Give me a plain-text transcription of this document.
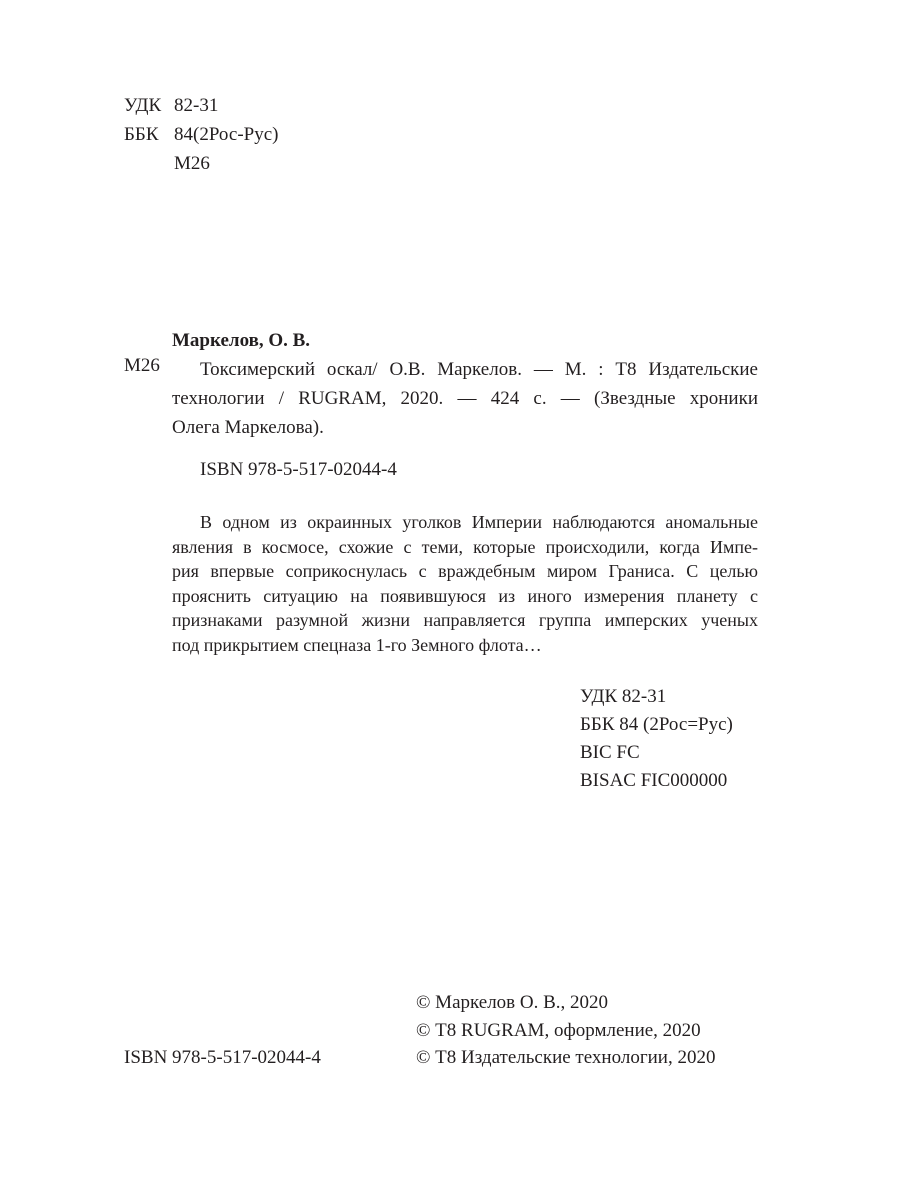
УДК 82-31
ББК 84(2Рос-Рус)
М26
Маркелов, О. В.
М26	Токсимерский оскал/ О.В. Маркелов. — М. : Т8 Издательские
технологии / RUGRAM, 2020. — 424 с. — (Звездные хроники
Олега Маркелова).
ISBN 978-5-517-02044-4
В одном из окраинных уголков Империи наблюдаются аномальные
явления в космосе, схожие с теми, которые происходили, когда Импе-
рия впервые соприкоснулась с враждебным миром Граниса. С целью
прояснить ситуацию на появившуюся из иного измерения планету с
признаками разумной жизни направляется группа имперских ученых
под прикрытием спецназа 1-го Земного флота…
УДК 82-31
ББК 84 (2Рос=Рус)
BIC FC
BISAC FIC000000
© Маркелов О. В., 2020
© Т8 RUGRAM, оформление, 2020
© Т8 Издательские технологии, 2020
ISBN 978-5-517-02044-4
